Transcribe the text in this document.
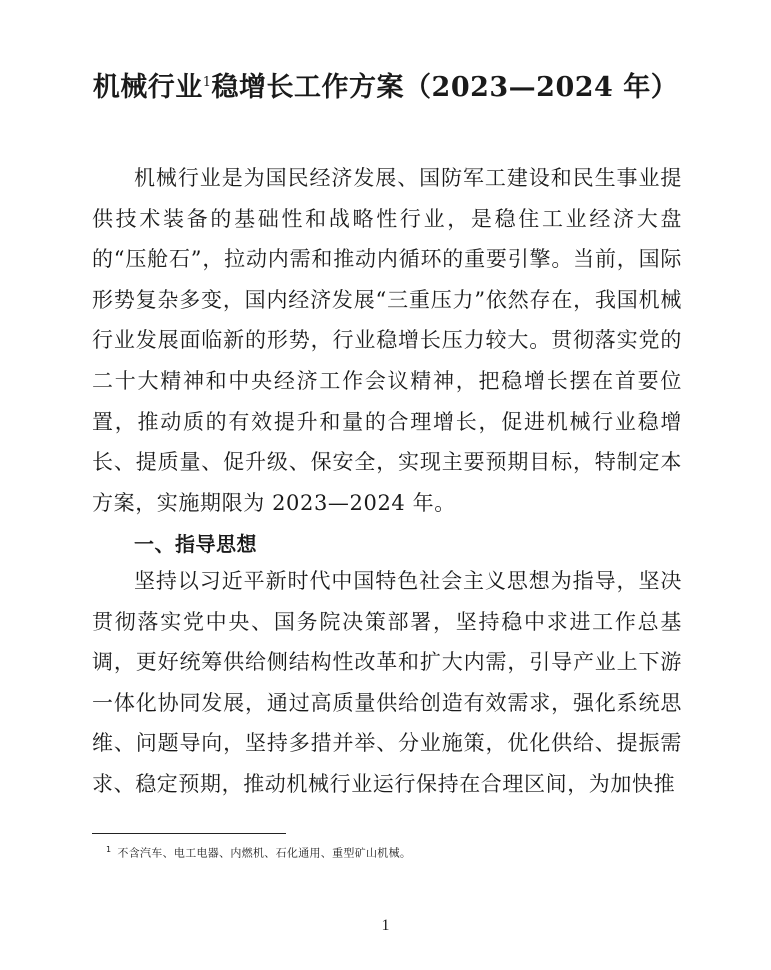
机械行业$^1$稳增长工作方案（2023—2024 年）

机械行业是为国民经济发展、国防军工建设和民生事业提供技术装备的基础性和战略性行业，是稳住工业经济大盘的“压舱石”，拉动内需和推动内循环的重要引擎。当前，国际形势复杂多变，国内经济发展“三重压力”依然存在，我国机械行业发展面临新的形势，行业稳增长压力较大。贯彻落实党的二十大精神和中央经济工作会议精神，把稳增长摆在首要位置，推动质的有效提升和量的合理增长，促进机械行业稳增长、提质量、促升级、保安全，实现主要预期目标，特制定本方案，实施期限为 2023—2024 年。

一、指导思想

坚持以习近平新时代中国特色社会主义思想为指导，坚决贯彻落实党中央、国务院决策部署，坚持稳中求进工作总基调，更好统筹供给侧结构性改革和扩大内需，引导产业上下游一体化协同发展，通过高质量供给创造有效需求，强化系统思维、问题导向，坚持多措并举、分业施策，优化供给、提振需求、稳定预期，推动机械行业运行保持在合理区间，为加快推

$^1$ 不含汽车、电工电器、内燃机、石化通用、重型矿山机械。

1
